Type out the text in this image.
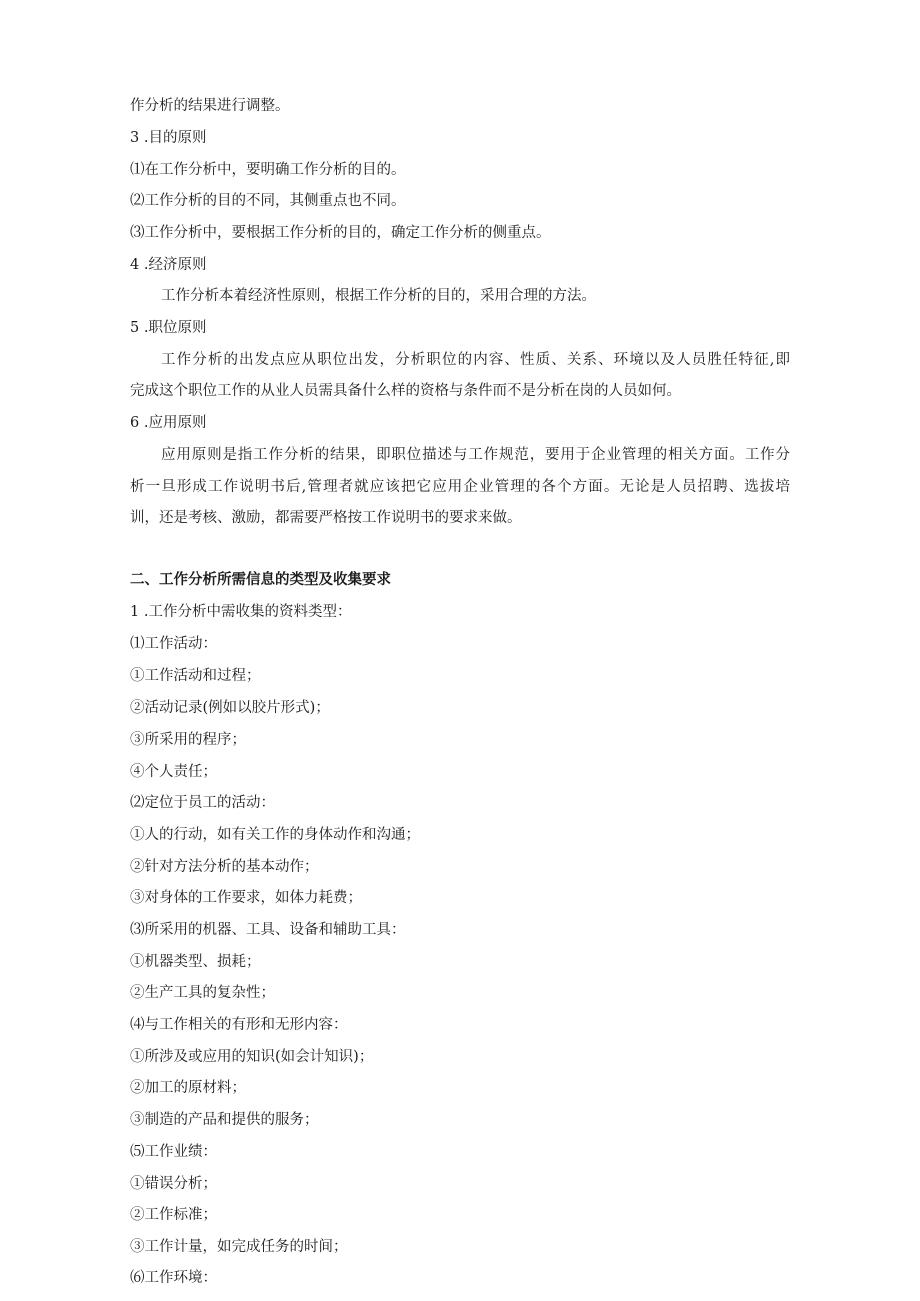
作分析的结果进行调整。
3 .目的原则
⑴在工作分析中，要明确工作分析的目的。
⑵工作分析的目的不同，其侧重点也不同。
⑶工作分析中，要根据工作分析的目的，确定工作分析的侧重点。
4 .经济原则
工作分析本着经济性原则，根据工作分析的目的，采用合理的方法。
5 .职位原则
工作分析的出发点应从职位出发，分析职位的内容、性质、关系、环境以及人员胜任特征,即
完成这个职位工作的从业人员需具备什么样的资格与条件而不是分析在岗的人员如何。
6 .应用原则
应用原则是指工作分析的结果，即职位描述与工作规范，要用于企业管理的相关方面。工作分
析一旦形成工作说明书后,管理者就应该把它应用企业管理的各个方面。无论是人员招聘、选拔培
训，还是考核、激励，都需要严格按工作说明书的要求来做。
二、工作分析所需信息的类型及收集要求
1 .工作分析中需收集的资料类型：
⑴工作活动：
①工作活动和过程；
②活动记录(例如以胶片形式)；
③所采用的程序；
④个人责任；
⑵定位于员工的活动：
①人的行动，如有关工作的身体动作和沟通；
②针对方法分析的基本动作；
③对身体的工作要求，如体力耗费；
⑶所采用的机器、工具、设备和辅助工具：
①机器类型、损耗；
②生产工具的复杂性；
⑷与工作相关的有形和无形内容：
①所涉及或应用的知识(如会计知识)；
②加工的原材料；
③制造的产品和提供的服务；
⑸工作业绩：
①错误分析；
②工作标准；
③工作计量，如完成任务的时间；
⑹工作环境：
